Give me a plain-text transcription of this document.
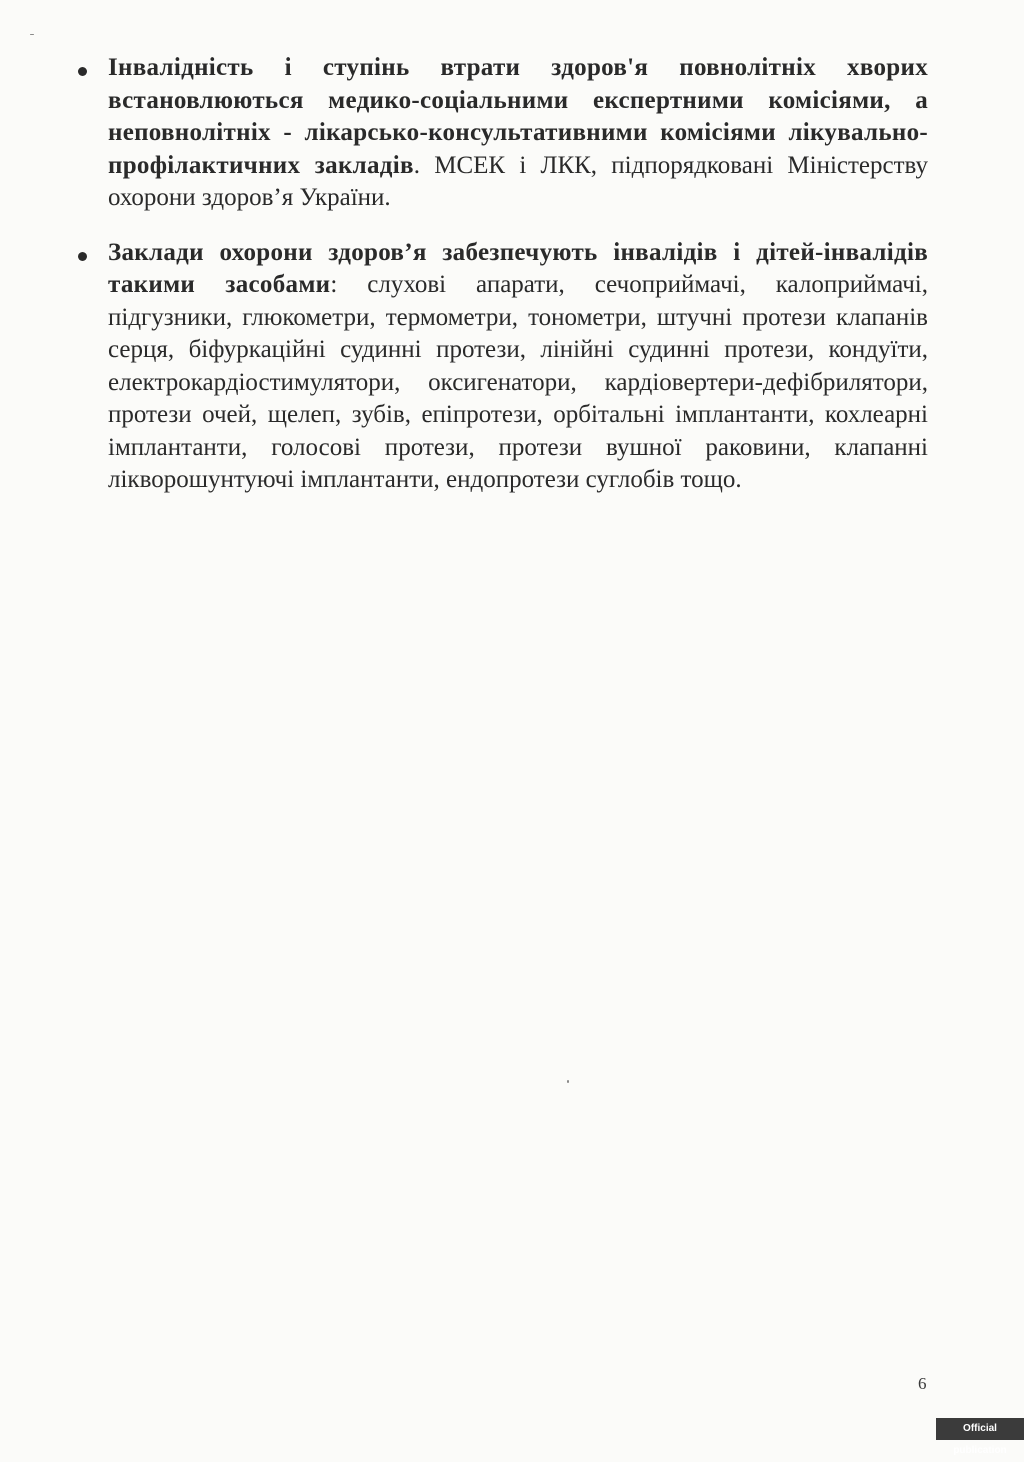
Інвалідність і ступінь втрати здоров'я повнолітніх хворих встановлюються медико-соціальними експертними комісіями, а неповнолітніх - лікарсько-консультативними комісіями лікувально-профілактичних закладів. МСЕК і ЛКК, підпорядковані Міністерству охорони здоров’я України.
Заклади охорони здоров’я забезпечують інвалідів і дітей-інвалідів такими засобами: слухові апарати, сечоприймачі, калоприймачі, підгузники, глюкометри, термометри, тонометри, штучні протези клапанів серця, біфуркаційні судинні протези, лінійні судинні протези, кондуїти, електрокардіостимулятори, оксигенатори, кардіовертери-дефібрилятори, протези очей, щелеп, зубів, епіпротези, орбітальні імплантанти, кохлеарні імплантанти, голосові протези, протези вушної раковини, клапанні лікворошунтуючі імплантанти, ендопротези суглобів тощо.
6
Official publication
